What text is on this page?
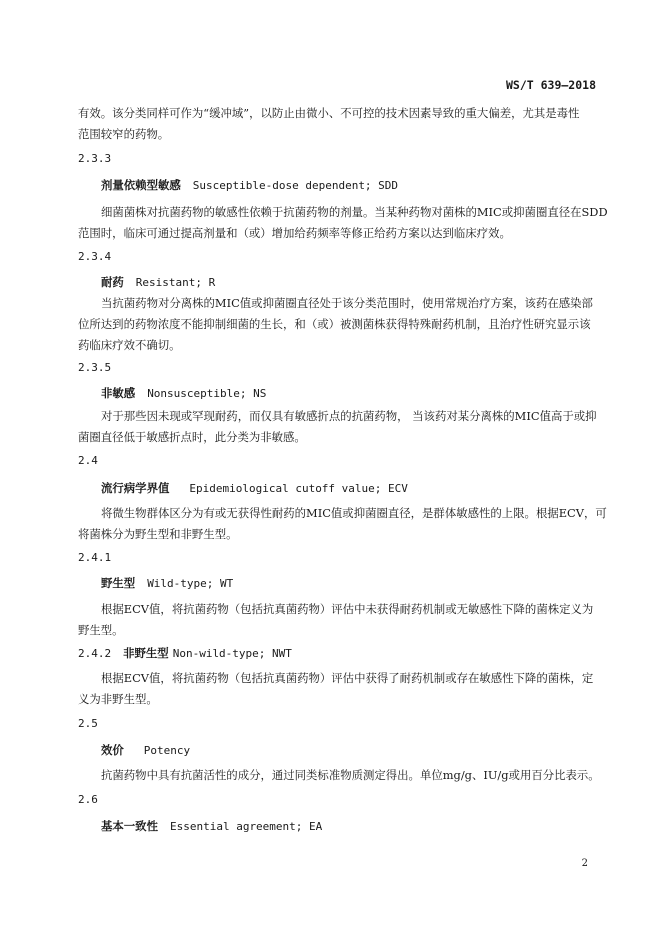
WS/T 639—2018
有效。该分类同样可作为“缓冲域”，以防止由微小、不可控的技术因素导致的重大偏差，尤其是毒性
范围较窄的药物。
2.3.3
剂量依赖型敏感 Susceptible-dose dependent; SDD
细菌菌株对抗菌药物的敏感性依赖于抗菌药物的剂量。当某种药物对菌株的MIC或抑菌圈直径在SDD
范围时，临床可通过提高剂量和（或）增加给药频率等修正给药方案以达到临床疗效。
2.3.4
耐药 Resistant; R
当抗菌药物对分离株的MIC值或抑菌圈直径处于该分类范围时，使用常规治疗方案，该药在感染部
位所达到的药物浓度不能抑制细菌的生长，和（或）被测菌株获得特殊耐药机制，且治疗性研究显示该
药临床疗效不确切。
2.3.5
非敏感 Nonsusceptible; NS
对于那些因未现或罕现耐药，而仅具有敏感折点的抗菌药物， 当该药对某分离株的MIC值高于或抑
菌圈直径低于敏感折点时，此分类为非敏感。
2.4
流行病学界值 Epidemiological cutoff value; ECV
将微生物群体区分为有或无获得性耐药的MIC值或抑菌圈直径，是群体敏感性的上限。根据ECV，可
将菌株分为野生型和非野生型。
2.4.1
野生型 Wild-type; WT
根据ECV值，将抗菌药物（包括抗真菌药物）评估中未获得耐药机制或无敏感性下降的菌株定义为
野生型。
2.4.2 非野生型 Non-wild-type; NWT
根据ECV值，将抗菌药物（包括抗真菌药物）评估中获得了耐药机制或存在敏感性下降的菌株，定
义为非野生型。
2.5
效价 Potency
抗菌药物中具有抗菌活性的成分，通过同类标准物质测定得出。单位mg/g、IU/g或用百分比表示。
2.6
基本一致性 Essential agreement; EA
2
